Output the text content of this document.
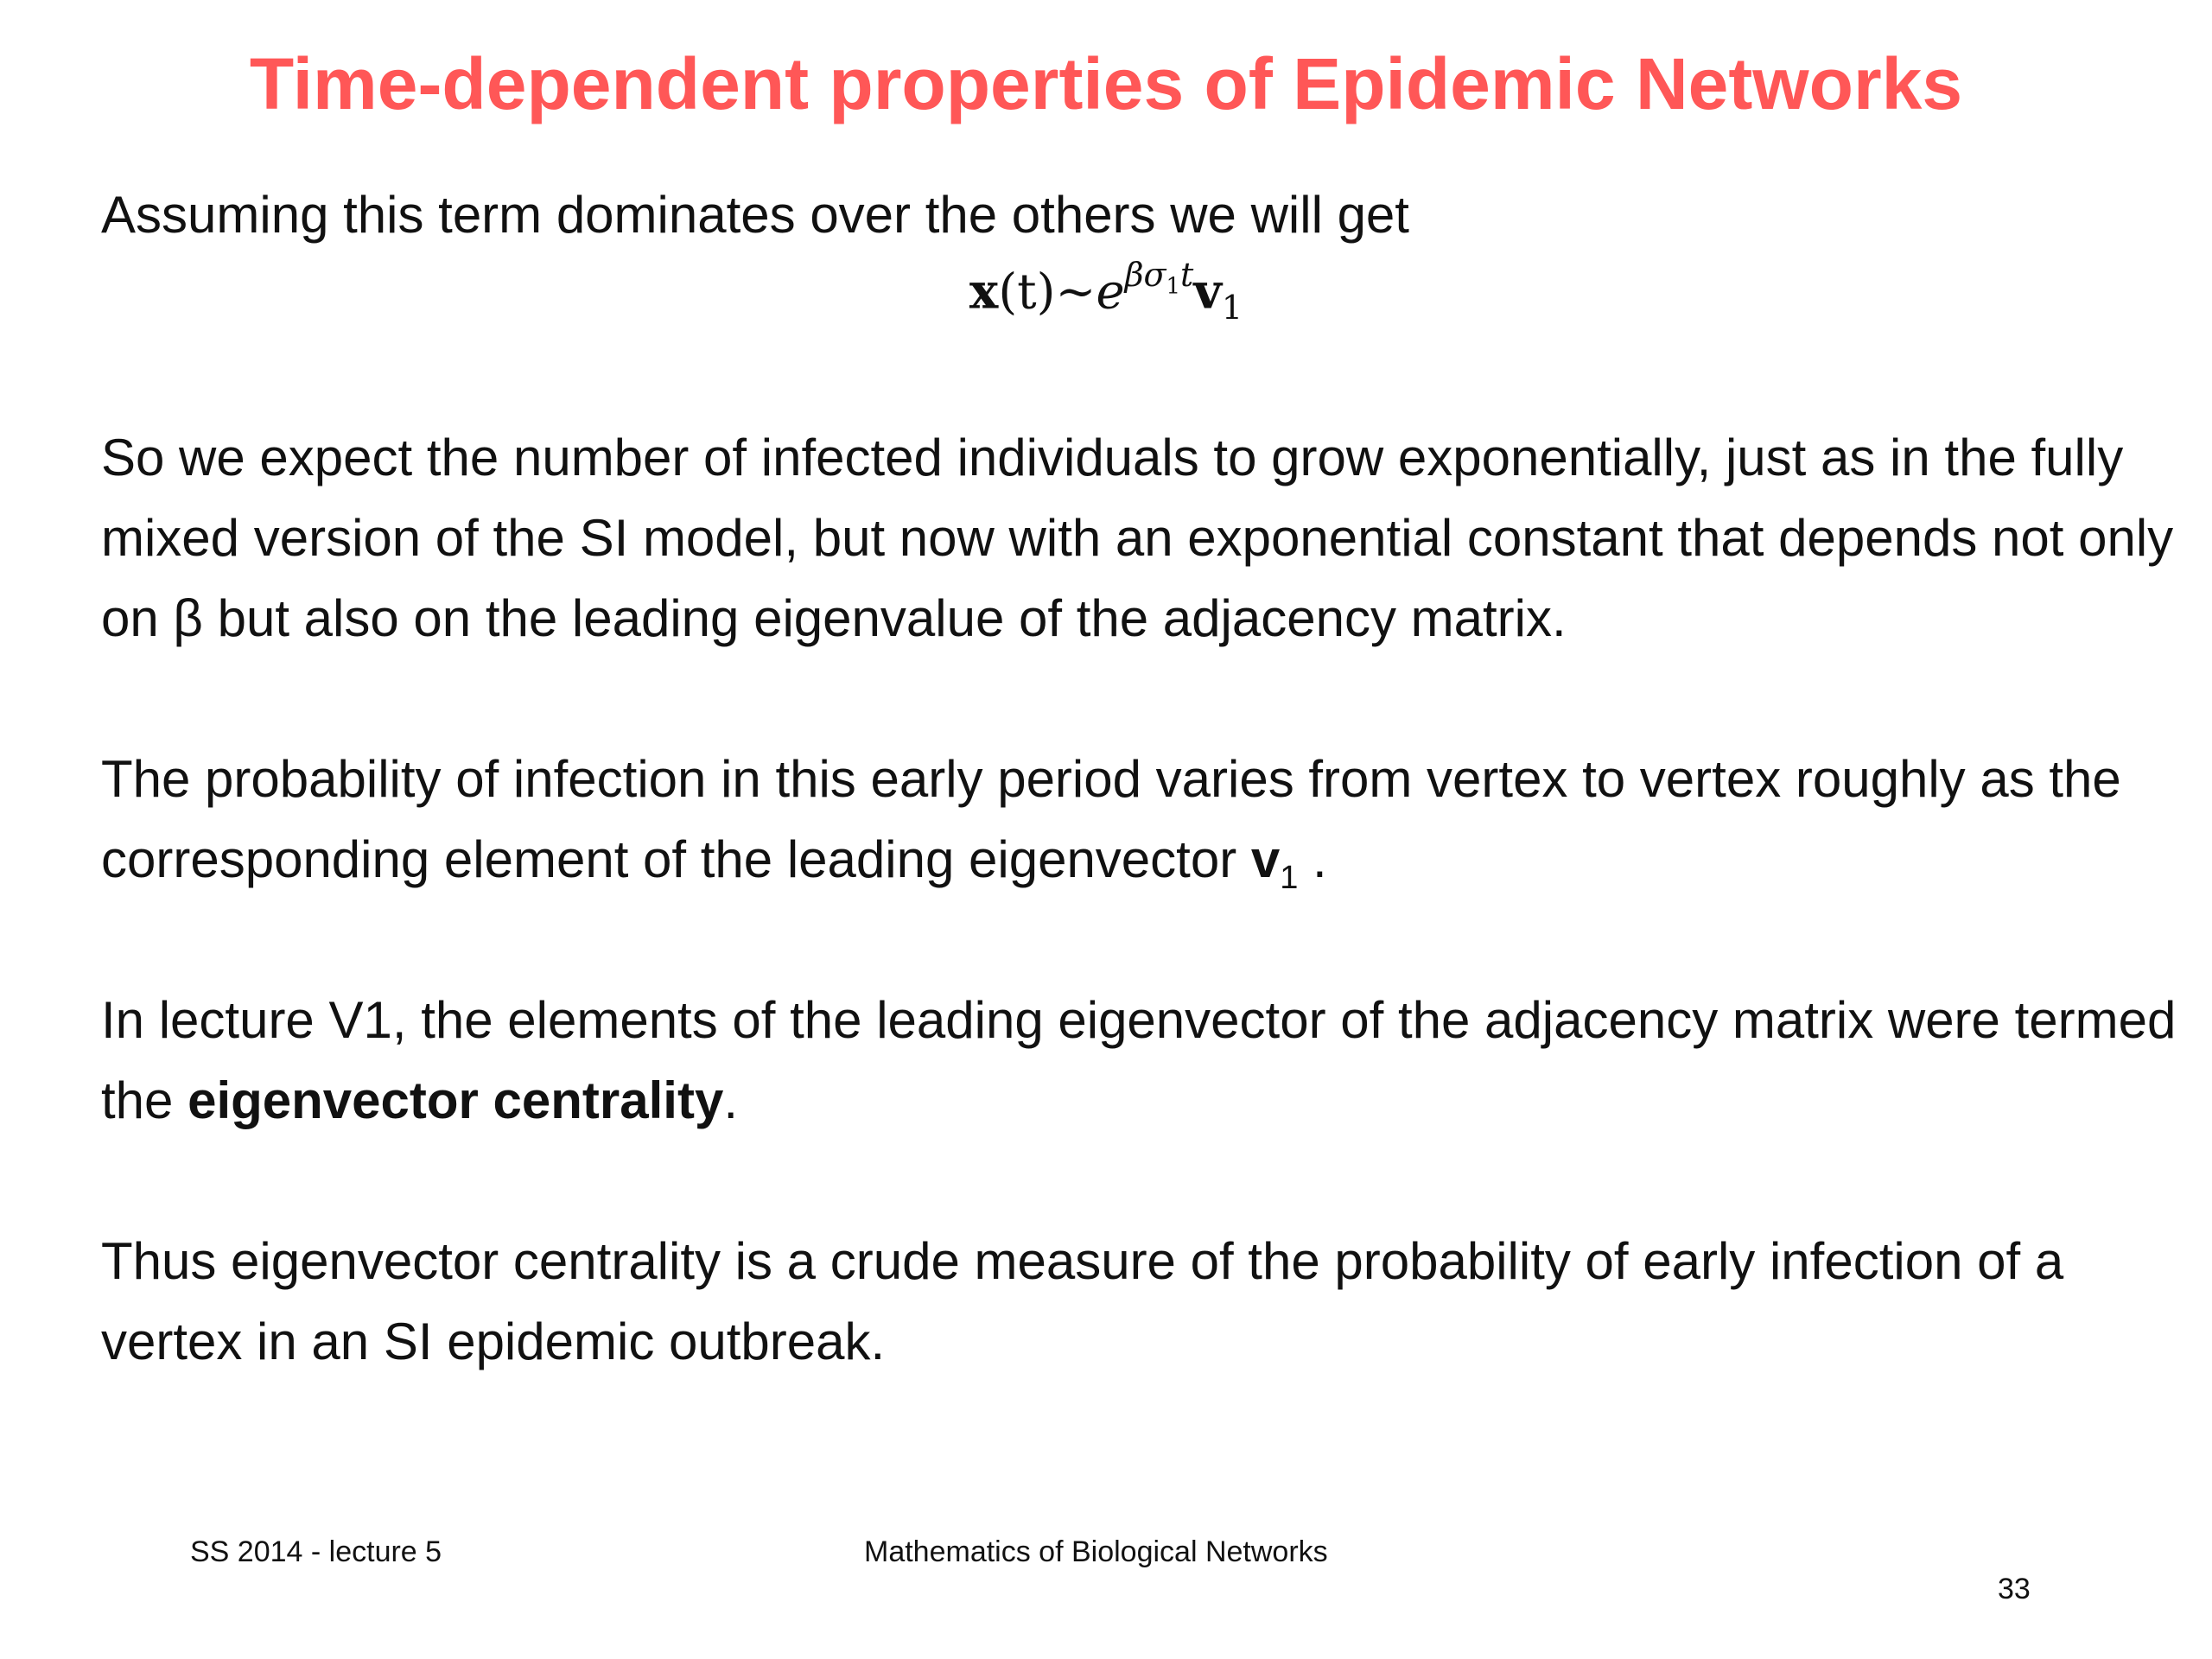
Time-dependent properties of Epidemic Networks

Assuming this term dominates over the others we will get

$x(t)\sim e^{\beta\sigma_1t}v_1$

So we expect the number of infected individuals to grow exponentially, just as in the fully mixed version of the SI model, but now with an exponential constant that depends not only on β but also on the leading eigenvalue of the adjacency matrix.

The probability of infection in this early period varies from vertex to vertex roughly as the corresponding element of the leading eigenvector $v_1$ .

In lecture V1, the elements of the leading eigenvector of the adjacency matrix were termed the eigenvector centrality.

Thus eigenvector centrality is a crude measure of the probability of early infection of a vertex in an SI epidemic outbreak.

SS 2014 - lecture 5	Mathematics of Biological Networks
33
